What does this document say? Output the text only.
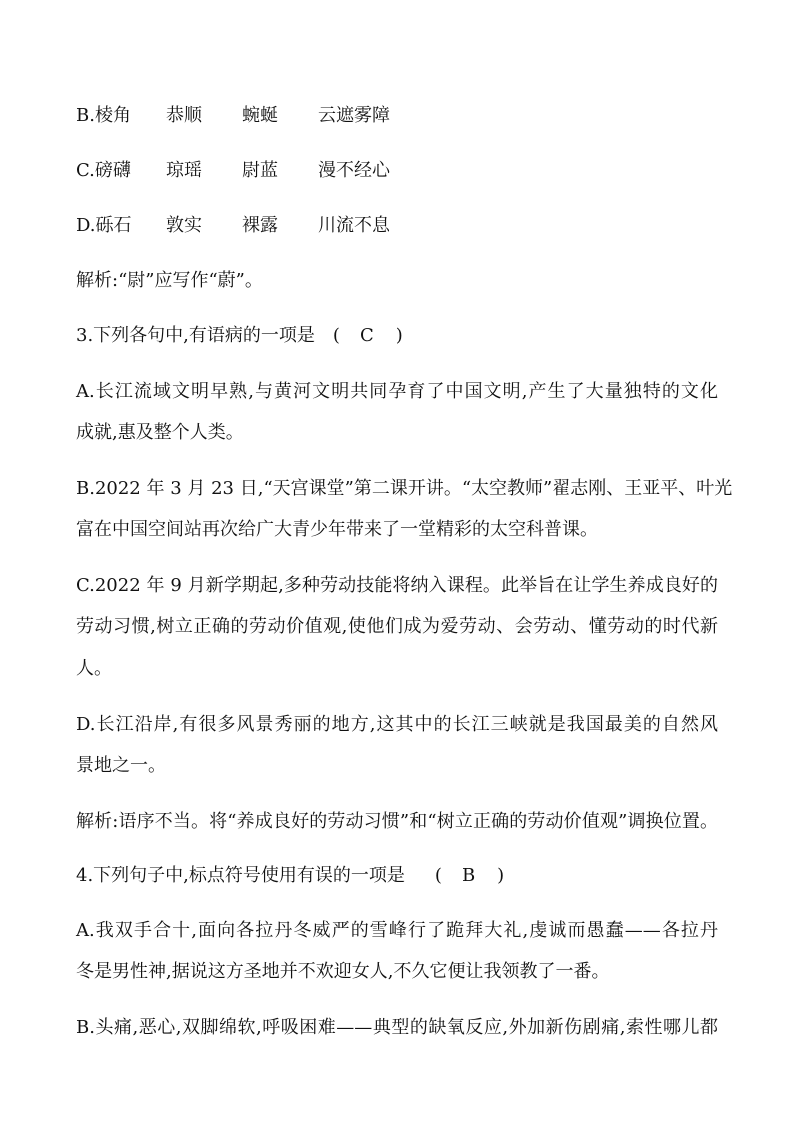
B.棱角 恭顺 蜿蜒 云遮雾障
C.磅礴 琼瑶 尉蓝 漫不经心
D.砾石 敦实 裸露 川流不息
解析:“尉”应写作“蔚”。
3.下列各句中,有语病的一项是 ( C )
A.长江流域文明早熟,与黄河文明共同孕育了中国文明,产生了大量独特的文化
成就,惠及整个人类。
B.2022 年 3 月 23 日,“天宫课堂”第二课开讲。“太空教师”翟志刚、王亚平、叶光
富在中国空间站再次给广大青少年带来了一堂精彩的太空科普课。
C.2022 年 9 月新学期起,多种劳动技能将纳入课程。此举旨在让学生养成良好的
劳动习惯,树立正确的劳动价值观,使他们成为爱劳动、会劳动、懂劳动的时代新
人。
D.长江沿岸,有很多风景秀丽的地方,这其中的长江三峡就是我国最美的自然风
景地之一。
解析:语序不当。将“养成良好的劳动习惯”和“树立正确的劳动价值观”调换位置。
4.下列句子中,标点符号使用有误的一项是 ( B )
A.我双手合十,面向各拉丹冬威严的雪峰行了跪拜大礼,虔诚而愚蠢——各拉丹
冬是男性神,据说这方圣地并不欢迎女人,不久它便让我领教了一番。
B.头痛,恶心,双脚绵软,呼吸困难——典型的缺氧反应,外加新伤剧痛,索性哪儿都
